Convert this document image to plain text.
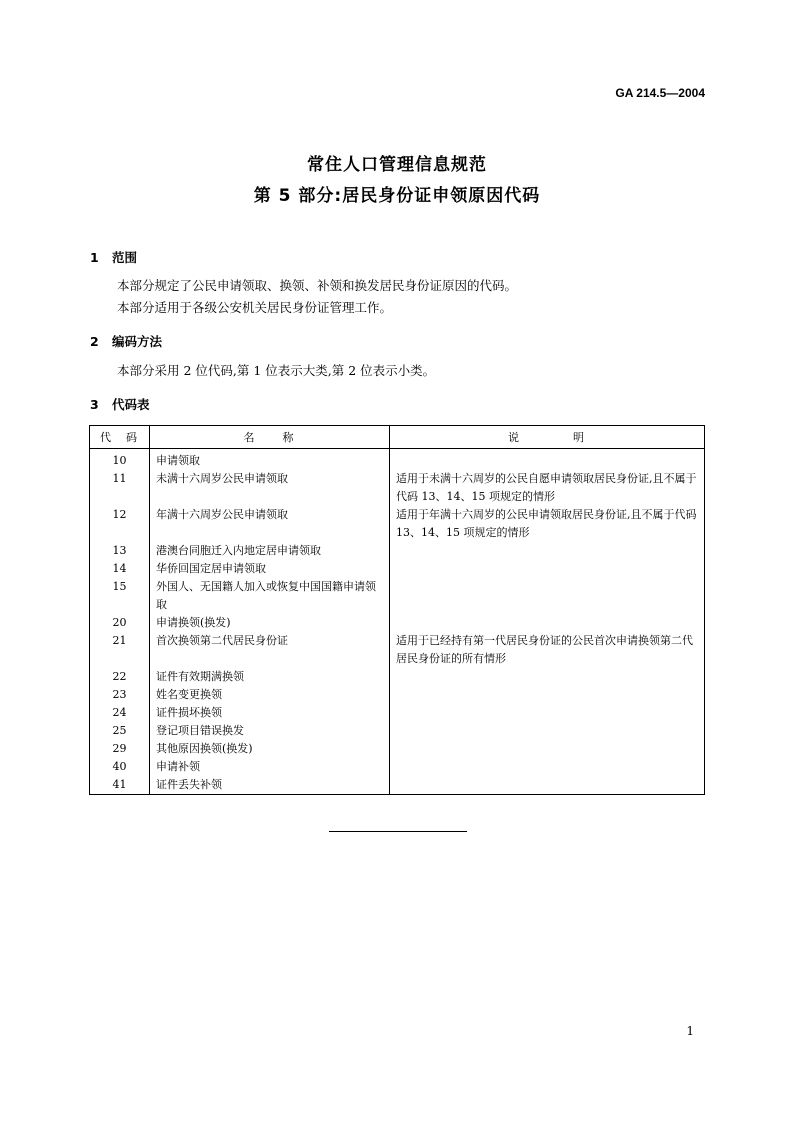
GA 214.5—2004
常住人口管理信息规范
第 5 部分:居民身份证申领原因代码
1 范围
本部分规定了公民申请领取、换领、补领和换发居民身份证原因的代码。
本部分适用于各级公安机关居民身份证管理工作。
2 编码方法
本部分采用 2 位代码,第 1 位表示大类,第 2 位表示小类。
3 代码表
代　码	名　　称	说　　　　明
10	申请领取	
11	未满十六周岁公民申请领取	适用于未满十六周岁的公民自愿申请领取居民身份证,且不属于代码 13、14、15 项规定的情形
12	年满十六周岁公民申请领取	适用于年满十六周岁的公民申请领取居民身份证,且不属于代码 13、14、15 项规定的情形
13	港澳台同胞迁入内地定居申请领取	
14	华侨回国定居申请领取	
15	外国人、无国籍人加入或恢复中国国籍申请领取	
20	申请换领(换发)	
21	首次换领第二代居民身份证	适用于已经持有第一代居民身份证的公民首次申请换领第二代居民身份证的所有情形
22	证件有效期满换领	
23	姓名变更换领	
24	证件损坏换领	
25	登记项目错误换发	
29	其他原因换领(换发)	
40	申请补领	
41	证件丢失补领	
1
